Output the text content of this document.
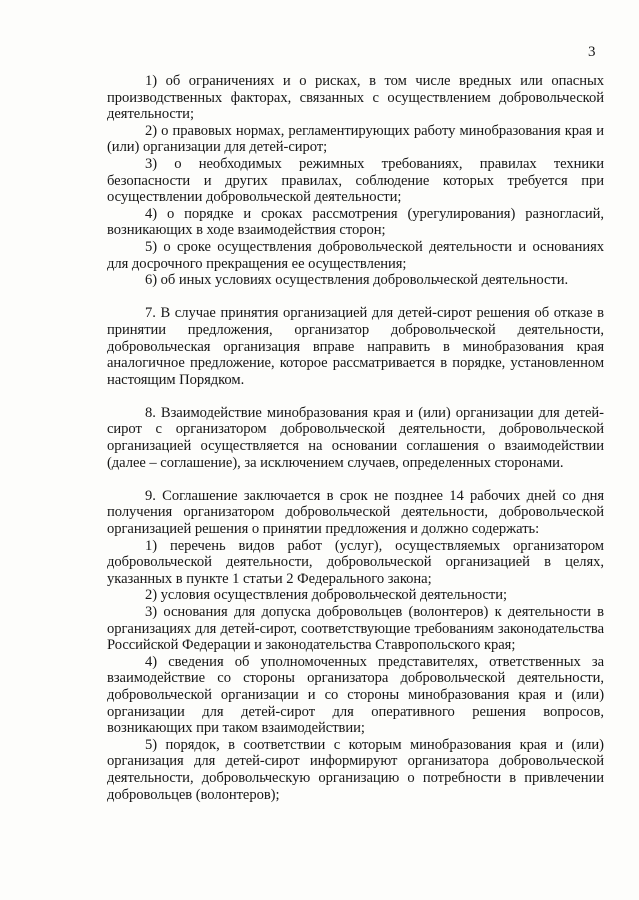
3

1) об ограничениях и о рисках, в том числе вредных или опасных производственных факторах, связанных с осуществлением добровольческой деятельности;

2) о правовых нормах, регламентирующих работу минобразования края и (или) организации для детей-сирот;

3) о необходимых режимных требованиях, правилах техники безопасности и других правилах, соблюдение которых требуется при осуществлении добровольческой деятельности;

4) о порядке и сроках рассмотрения (урегулирования) разногласий, возникающих в ходе взаимодействия сторон;

5) о сроке осуществления добровольческой деятельности и основаниях для досрочного прекращения ее осуществления;

6) об иных условиях осуществления добровольческой деятельности.

7. В случае принятия организацией для детей-сирот решения об отказе в принятии предложения, организатор добровольческой деятельности, добровольческая организация вправе направить в минобразования края аналогичное предложение, которое рассматривается в порядке, установленном настоящим Порядком.

8. Взаимодействие минобразования края и (или) организации для детей-сирот с организатором добровольческой деятельности, добровольческой организацией осуществляется на основании соглашения о взаимодействии (далее – соглашение), за исключением случаев, определенных сторонами.

9. Соглашение заключается в срок не позднее 14 рабочих дней со дня получения организатором добровольческой деятельности, добровольческой организацией решения о принятии предложения и должно содержать:

1) перечень видов работ (услуг), осуществляемых организатором добровольческой деятельности, добровольческой организацией в целях, указанных в пункте 1 статьи 2 Федерального закона;

2) условия осуществления добровольческой деятельности;

3) основания для допуска добровольцев (волонтеров) к деятельности в организациях для детей-сирот, соответствующие требованиям законодательства Российской Федерации и законодательства Ставропольского края;

4) сведения об уполномоченных представителях, ответственных за взаимодействие со стороны организатора добровольческой деятельности, добровольческой организации и со стороны минобразования края и (или) организации для детей-сирот для оперативного решения вопросов, возникающих при таком взаимодействии;

5) порядок, в соответствии с которым минобразования края и (или) организация для детей-сирот информируют организатора добровольческой деятельности, добровольческую организацию о потребности в привлечении добровольцев (волонтеров);
